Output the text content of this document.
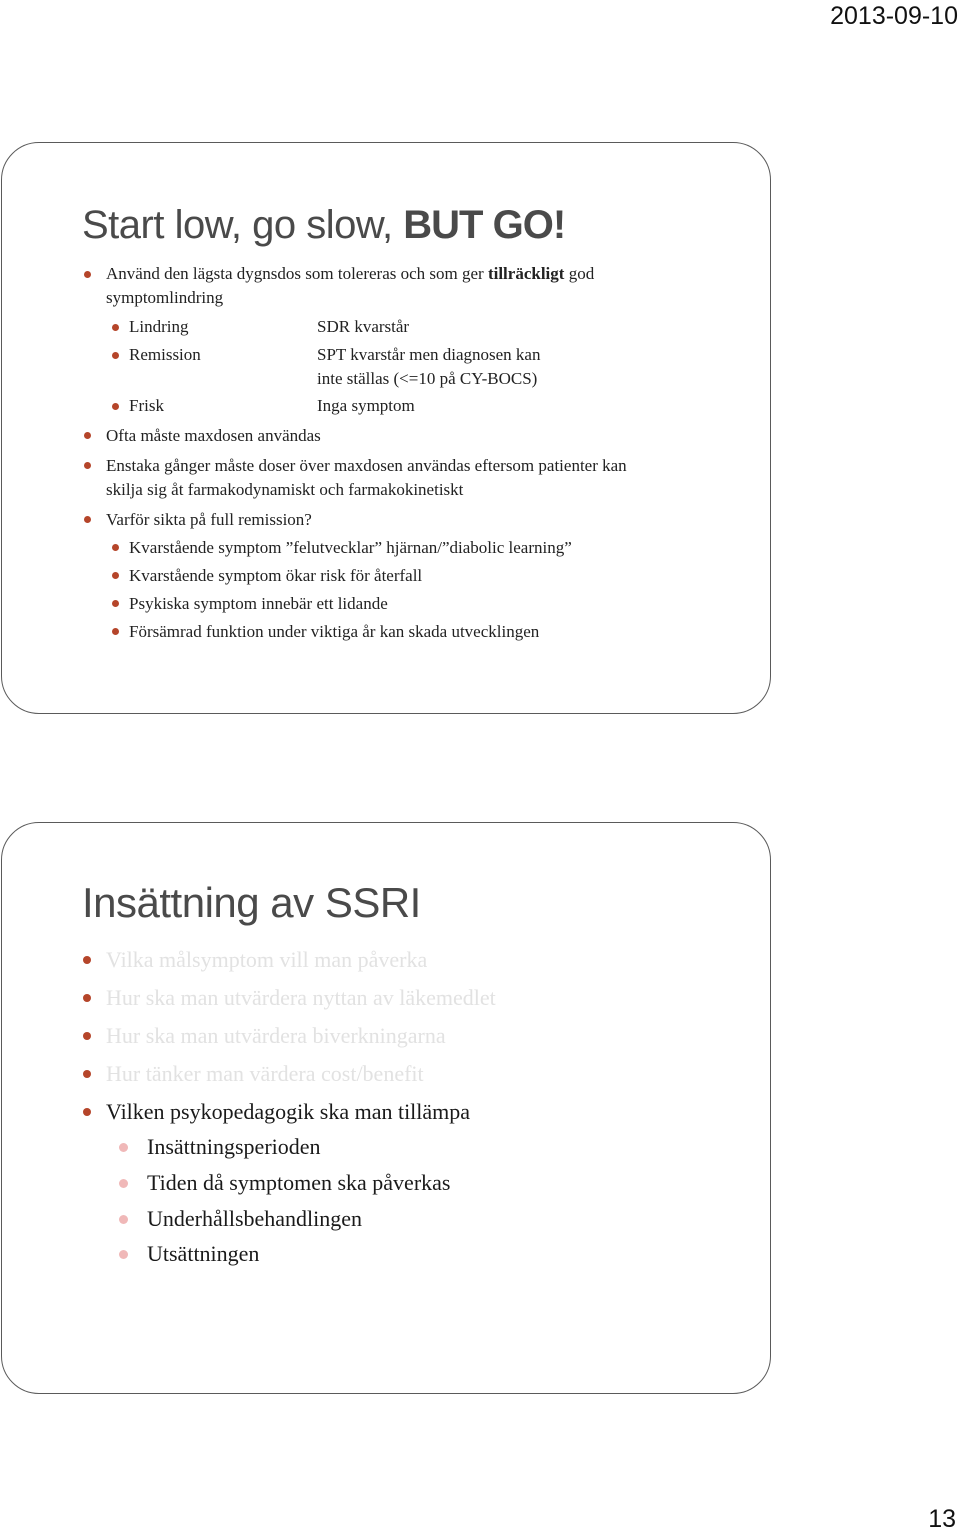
2013-09-10
Start low, go slow, BUT GO!
Använd den lägsta dygnsdos som tolereras och som ger tillräckligt god
symptomlindring
Lindring	SDR kvarstår
Remission	SPT kvarstår men diagnosen kan
inte ställas (<=10 på CY-BOCS)
Frisk	Inga symptom
Ofta måste maxdosen användas
Enstaka gånger måste doser över maxdosen användas eftersom patienter kan
skilja sig åt farmakodynamiskt och farmakokinetiskt
Varför sikta på full remission?
Kvarstående symptom ”felutvecklar” hjärnan/”diabolic learning”
Kvarstående symptom ökar risk för återfall
Psykiska symptom innebär ett lidande
Försämrad funktion under viktiga år kan skada utvecklingen
Insättning av SSRI
Vilka målsymptom vill man påverka
Hur ska man utvärdera nyttan av läkemedlet
Hur ska man utvärdera biverkningarna
Hur tänker man värdera cost/benefit
Vilken psykopedagogik ska man tillämpa
Insättningsperioden
Tiden då symptomen ska påverkas
Underhållsbehandlingen
Utsättningen
13
